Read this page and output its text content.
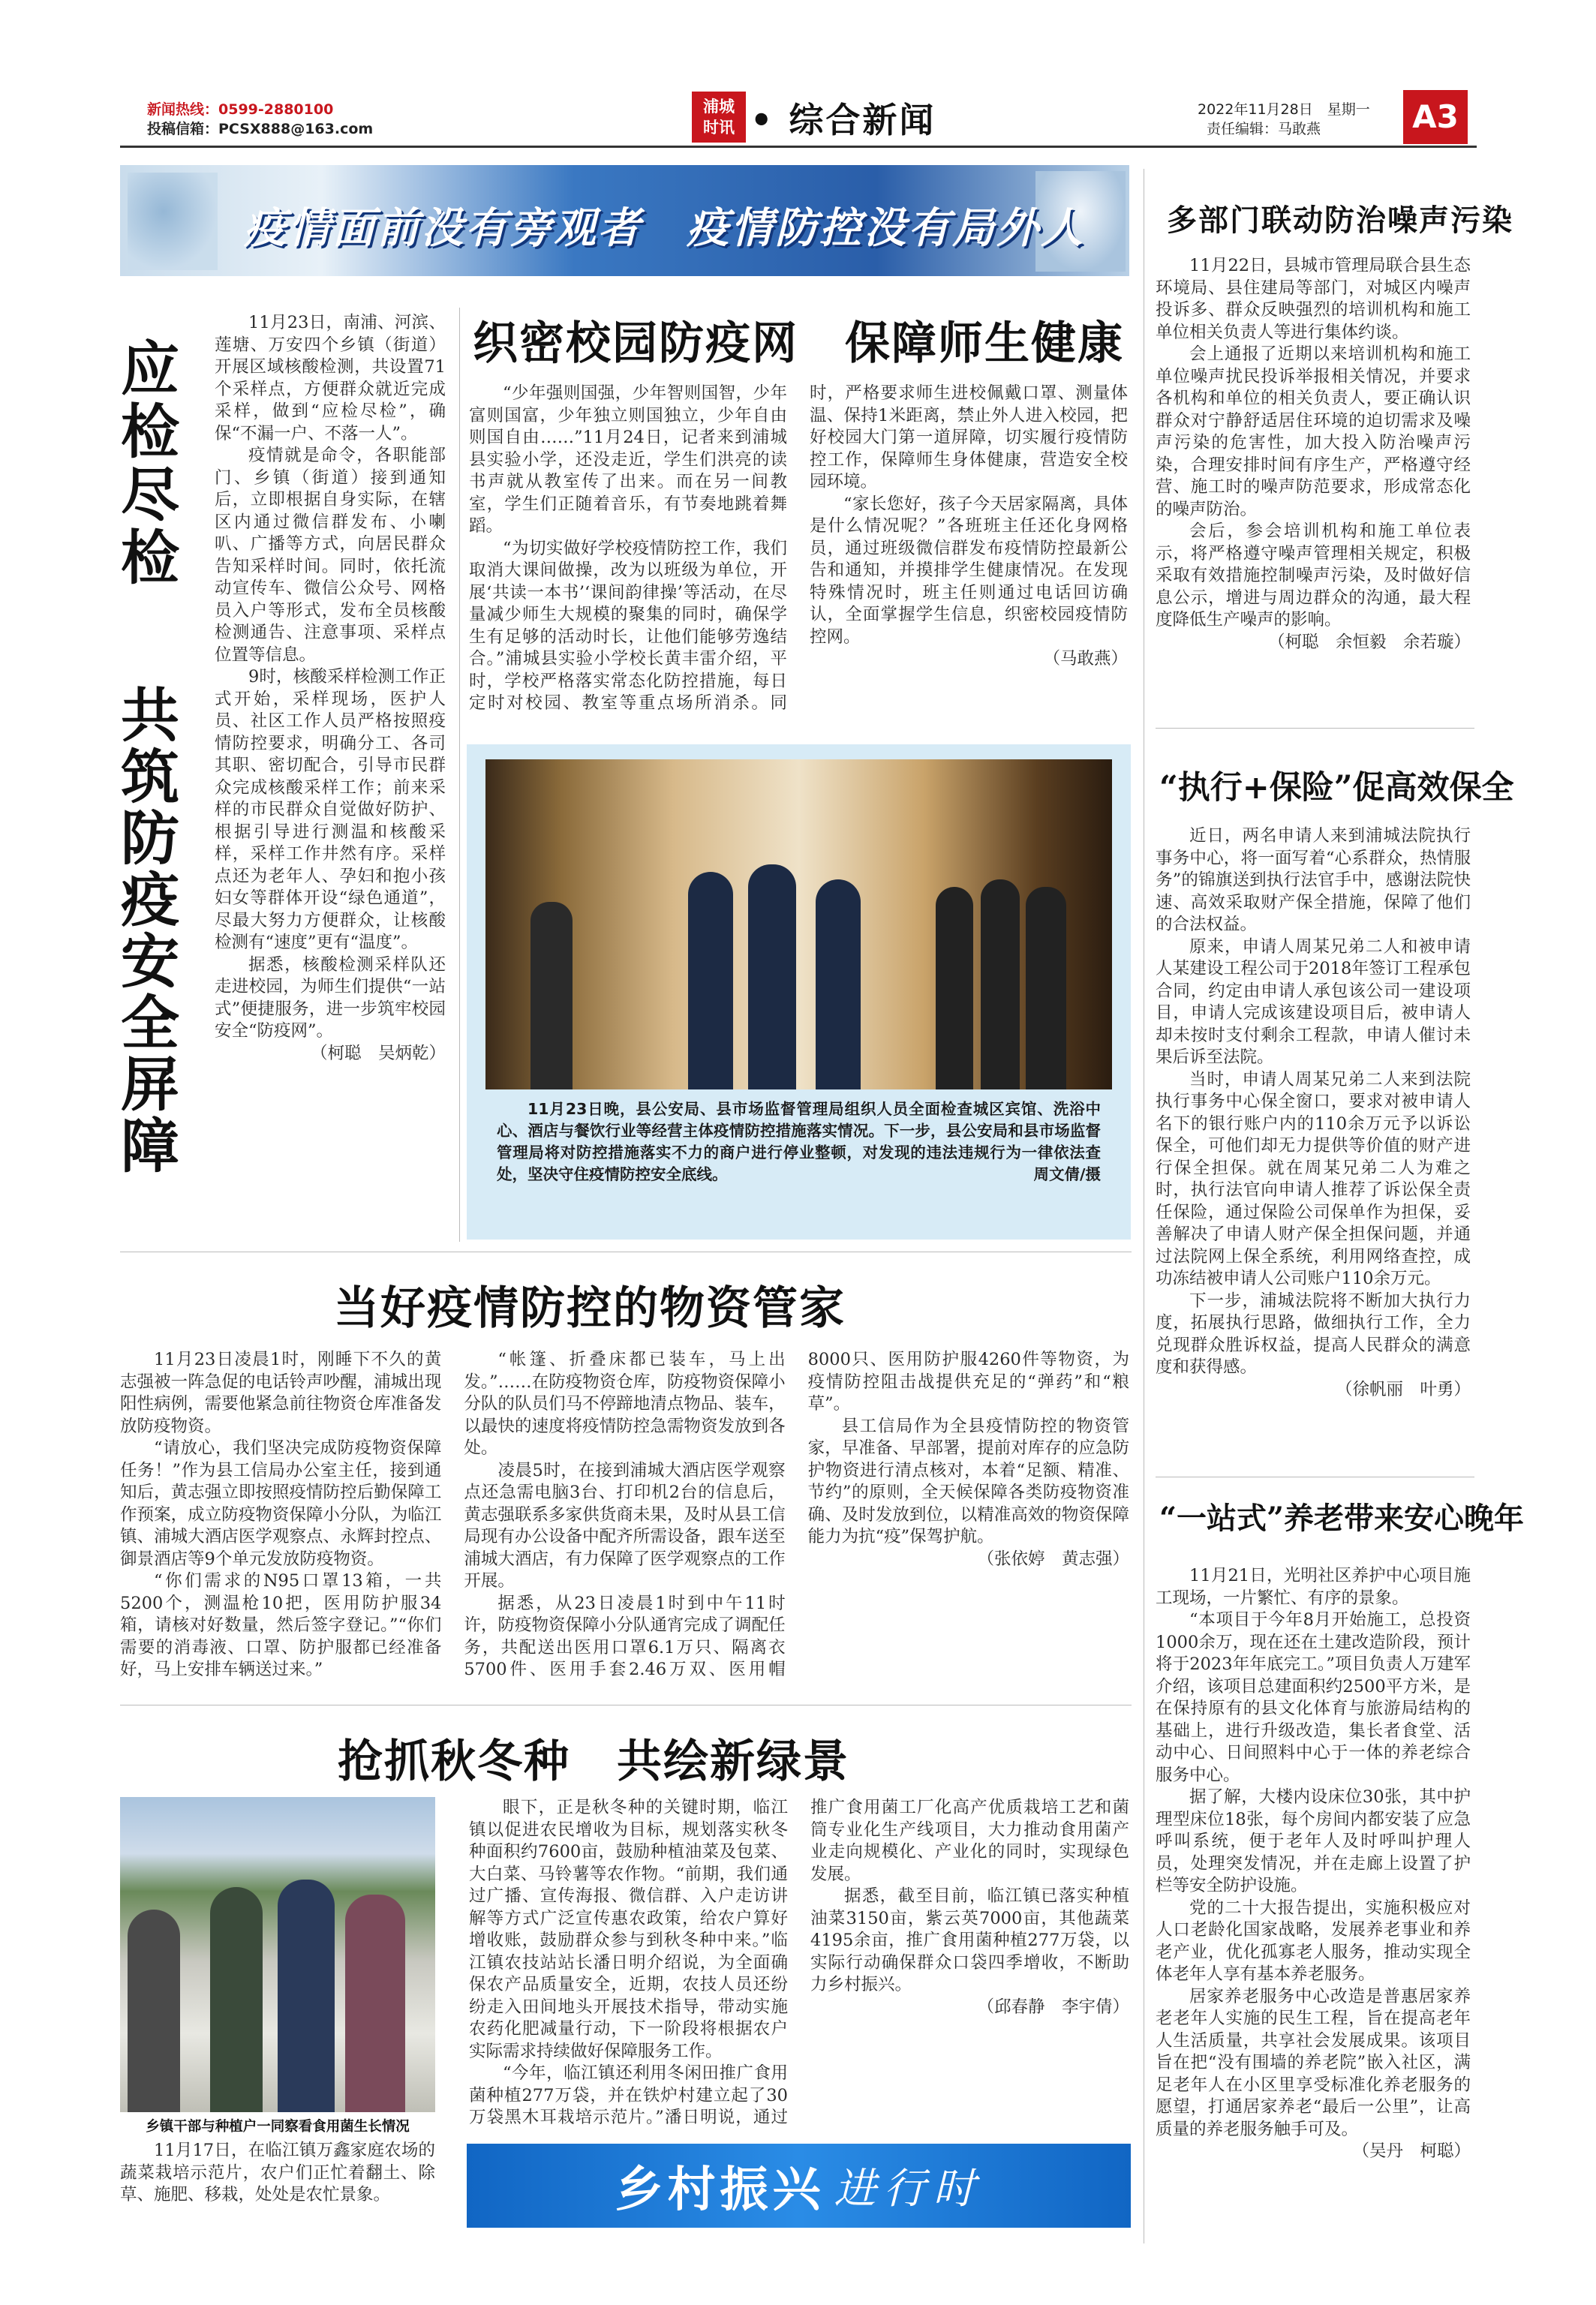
新闻热线：0599-2880100
投稿信箱：PCSX888@163.com
浦城
时讯 • 综合新闻	2022年11月28日　星期一
责任编辑：马敢燕	A3
疫情面前没有旁观者　疫情防控没有局外人
应检尽检
共筑防疫安全屏障

11月23日，南浦、河滨、莲塘、万安四个乡镇（街道）开展区域核酸检测，共设置71个采样点，方便群众就近完成采样，做到“应检尽检”，确保“不漏一户、不落一人”。

疫情就是命令，各职能部门、乡镇（街道）接到通知后，立即根据自身实际，在辖区内通过微信群发布、小喇叭、广播等方式，向居民群众告知采样时间。同时，依托流动宣传车、微信公众号、网格员入户等形式，发布全员核酸检测通告、注意事项、采样点位置等信息。

9时，核酸采样检测工作正式开始，采样现场，医护人员、社区工作人员严格按照疫情防控要求，明确分工、各司其职、密切配合，引导市民群众完成核酸采样工作；前来采样的市民群众自觉做好防护、根据引导进行测温和核酸采样，采样工作井然有序。采样点还为老年人、孕妇和抱小孩妇女等群体开设“绿色通道”，尽最大努力方便群众，让核酸检测有“速度”更有“温度”。

据悉，核酸检测采样队还走进校园，为师生们提供“一站式”便捷服务，进一步筑牢校园安全“防疫网”。

（柯聪　吴炳乾）

织密校园防疫网　保障师生健康

“少年强则国强，少年智则国智，少年富则国富，少年独立则国独立，少年自由则国自由……”11月24日，记者来到浦城县实验小学，还没走近，学生们洪亮的读书声就从教室传了出来。而在另一间教室，学生们正随着音乐，有节奏地跳着舞蹈。

“为切实做好学校疫情防控工作，我们取消大课间做操，改为以班级为单位，开展‘共读一本书’‘课间韵律操’等活动，在尽量减少师生大规模的聚集的同时，确保学生有足够的活动时长，让他们能够劳逸结合。”浦城县实验小学校长黄丰雷介绍，平时，学校严格落实常态化防控措施，每日定时对校园、教室等重点场所消杀。同时，严格要求师生进校佩戴口罩、测量体温、保持1米距离，禁止外人进入校园，把好校园大门第一道屏障，切实履行疫情防控工作，保障师生身体健康，营造安全校园环境。

“家长您好，孩子今天居家隔离，具体是什么情况呢？”各班班主任还化身网格员，通过班级微信群发布疫情防控最新公告和通知，并摸排学生健康情况。在发现特殊情况时，班主任则通过电话回访确认，全面掌握学生信息，织密校园疫情防控网。

（马敢燕）

11月23日晚，县公安局、县市场监督管理局组织人员全面检查城区宾馆、洗浴中心、酒店与餐饮行业等经营主体疫情防控措施落实情况。下一步，县公安局和县市场监督管理局将对防控措施落实不力的商户进行停业整顿，对发现的违法违规行为一律依法查处，坚决守住疫情防控安全底线。	周文倩/摄
多部门联动防治噪声污染

11月22日，县城市管理局联合县生态环境局、县住建局等部门，对城区内噪声投诉多、群众反映强烈的培训机构和施工单位相关负责人等进行集体约谈。

会上通报了近期以来培训机构和施工单位噪声扰民投诉举报相关情况，并要求各机构和单位的相关负责人，要正确认识群众对宁静舒适居住环境的迫切需求及噪声污染的危害性，加大投入防治噪声污染，合理安排时间有序生产，严格遵守经营、施工时的噪声防范要求，形成常态化的噪声防治。

会后，参会培训机构和施工单位表示，将严格遵守噪声管理相关规定，积极采取有效措施控制噪声污染，及时做好信息公示，增进与周边群众的沟通，最大程度降低生产噪声的影响。

（柯聪　余恒毅　余若璇）

“执行+保险”促高效保全

近日，两名申请人来到浦城法院执行事务中心，将一面写着“心系群众，热情服务”的锦旗送到执行法官手中，感谢法院快速、高效采取财产保全措施，保障了他们的合法权益。

原来，申请人周某兄弟二人和被申请人某建设工程公司于2018年签订工程承包合同，约定由申请人承包该公司一建设项目，申请人完成该建设项目后，被申请人却未按时支付剩余工程款，申请人催讨未果后诉至法院。

当时，申请人周某兄弟二人来到法院执行事务中心保全窗口，要求对被申请人名下的银行账户内的110余万元予以诉讼保全，可他们却无力提供等价值的财产进行保全担保。就在周某兄弟二人为难之时，执行法官向申请人推荐了诉讼保全责任保险，通过保险公司保单作为担保，妥善解决了申请人财产保全担保问题，并通过法院网上保全系统，利用网络查控，成功冻结被申请人公司账户110余万元。

下一步，浦城法院将不断加大执行力度，拓展执行思路，做细执行工作，全力兑现群众胜诉权益，提高人民群众的满意度和获得感。

（徐帆丽　叶勇）

“一站式”养老带来安心晚年

11月21日，光明社区养护中心项目施工现场，一片繁忙、有序的景象。

“本项目于今年8月开始施工，总投资1000余万，现在还在土建改造阶段，预计将于2023年年底完工。”项目负责人万建军介绍，该项目总建面积约2500平方米，是在保持原有的县文化体育与旅游局结构的基础上，进行升级改造，集长者食堂、活动中心、日间照料中心于一体的养老综合服务中心。

据了解，大楼内设床位30张，其中护理型床位18张，每个房间内都安装了应急呼叫系统，便于老年人及时呼叫护理人员，处理突发情况，并在走廊上设置了护栏等安全防护设施。

党的二十大报告提出，实施积极应对人口老龄化国家战略，发展养老事业和养老产业，优化孤寡老人服务，推动实现全体老年人享有基本养老服务。

居家养老服务中心改造是普惠居家养老老年人实施的民生工程，旨在提高老年人生活质量，共享社会发展成果。该项目旨在把“没有围墙的养老院”嵌入社区，满足老年人在小区里享受标准化养老服务的愿望，打通居家养老“最后一公里”，让高质量的养老服务触手可及。

（吴丹　柯聪）

当好疫情防控的物资管家

11月23日凌晨1时，刚睡下不久的黄志强被一阵急促的电话铃声吵醒，浦城出现阳性病例，需要他紧急前往物资仓库准备发放防疫物资。

“请放心，我们坚决完成防疫物资保障任务！”作为县工信局办公室主任，接到通知后，黄志强立即按照疫情防控后勤保障工作预案，成立防疫物资保障小分队，为临江镇、浦城大酒店医学观察点、永辉封控点、御景酒店等9个单元发放防疫物资。

“你们需求的N95口罩13箱，一共5200个，测温枪10把，医用防护服34箱，请核对好数量，然后签字登记。”“你们需要的消毒液、口罩、防护服都已经准备好，马上安排车辆送过来。”

“帐篷、折叠床都已装车，马上出发。”……在防疫物资仓库，防疫物资保障小分队的队员们马不停蹄地清点物品、装车，以最快的速度将疫情防控急需物资发放到各处。

凌晨5时，在接到浦城大酒店医学观察点还急需电脑3台、打印机2台的信息后，黄志强联系多家供货商未果，及时从县工信局现有办公设备中配齐所需设备，跟车送至浦城大酒店，有力保障了医学观察点的工作开展。

据悉，从23日凌晨1时到中午11时许，防疫物资保障小分队通宵完成了调配任务，共配送出医用口罩6.1万只、隔离衣5700件、医用手套2.46万双、医用帽8000只、医用防护服4260件等物资，为疫情防控阻击战提供充足的“弹药”和“粮草”。

县工信局作为全县疫情防控的物资管家，早准备、早部署，提前对库存的应急防护物资进行清点核对，本着“足额、精准、节约”的原则，全天候保障各类防疫物资准确、及时发放到位，以精准高效的物资保障能力为抗“疫”保驾护航。

（张依婷　黄志强）

抢抓秋冬种　共绘新绿景
乡镇干部与种植户一同察看食用菌生长情况

11月17日，在临江镇万鑫家庭农场的蔬菜栽培示范片，农户们正忙着翻土、除草、施肥、移栽，处处是农忙景象。

眼下，正是秋冬种的关键时期，临江镇以促进农民增收为目标，规划落实秋冬种面积约7600亩，鼓励种植油菜及包菜、大白菜、马铃薯等农作物。“前期，我们通过广播、宣传海报、微信群、入户走访讲解等方式广泛宣传惠农政策，给农户算好增收账，鼓励群众参与到秋冬种中来。”临江镇农技站站长潘日明介绍说，为全面确保农产品质量安全，近期，农技人员还纷纷走入田间地头开展技术指导，带动实施农药化肥减量行动，下一阶段将根据农户实际需求持续做好保障服务工作。

“今年，临江镇还利用冬闲田推广食用菌种植277万袋，并在铁炉村建立起了30万袋黑木耳栽培示范片。”潘日明说，通过推广食用菌工厂化高产优质栽培工艺和菌筒专业化生产线项目，大力推动食用菌产业走向规模化、产业化的同时，实现绿色发展。

据悉，截至目前，临江镇已落实种植油菜3150亩，紫云英7000亩，其他蔬菜4195余亩，推广食用菌种植277万袋，以实际行动确保群众口袋四季增收，不断助力乡村振兴。

（邱春静　李宇倩）

乡村振兴 进行时
